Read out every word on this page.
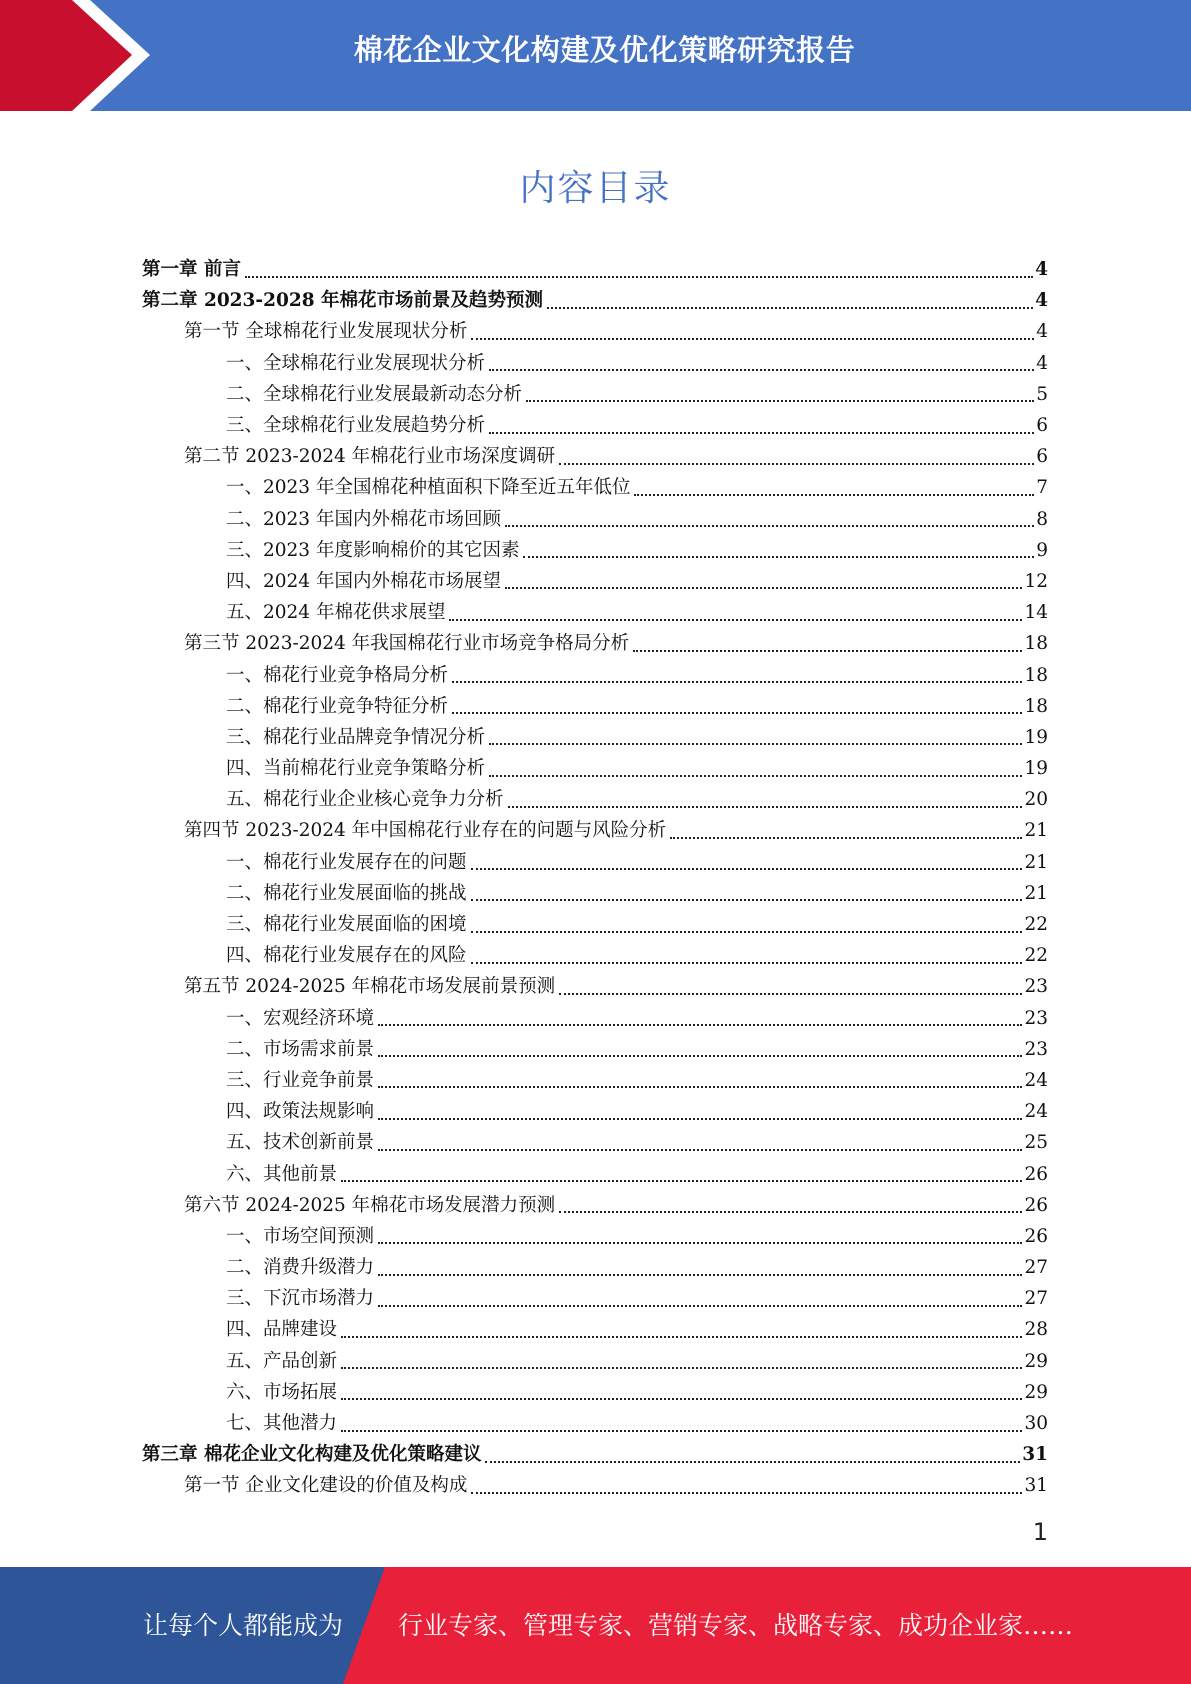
棉花企业文化构建及优化策略研究报告
内容目录
第一章 前言	4
第二章 2023-2028 年棉花市场前景及趋势预测	4
第一节 全球棉花行业发展现状分析	4
一、全球棉花行业发展现状分析	4
二、全球棉花行业发展最新动态分析	5
三、全球棉花行业发展趋势分析	6
第二节 2023-2024 年棉花行业市场深度调研	6
一、2023 年全国棉花种植面积下降至近五年低位	7
二、2023 年国内外棉花市场回顾	8
三、2023 年度影响棉价的其它因素	9
四、2024 年国内外棉花市场展望	12
五、2024 年棉花供求展望	14
第三节 2023-2024 年我国棉花行业市场竞争格局分析	18
一、棉花行业竞争格局分析	18
二、棉花行业竞争特征分析	18
三、棉花行业品牌竞争情况分析	19
四、当前棉花行业竞争策略分析	19
五、棉花行业企业核心竞争力分析	20
第四节 2023-2024 年中国棉花行业存在的问题与风险分析	21
一、棉花行业发展存在的问题	21
二、棉花行业发展面临的挑战	21
三、棉花行业发展面临的困境	22
四、棉花行业发展存在的风险	22
第五节 2024-2025 年棉花市场发展前景预测	23
一、宏观经济环境	23
二、市场需求前景	23
三、行业竞争前景	24
四、政策法规影响	24
五、技术创新前景	25
六、其他前景	26
第六节 2024-2025 年棉花市场发展潜力预测	26
一、市场空间预测	26
二、消费升级潜力	27
三、下沉市场潜力	27
四、品牌建设	28
五、产品创新	29
六、市场拓展	29
七、其他潜力	30
第三章 棉花企业文化构建及优化策略建议	31
第一节 企业文化建设的价值及构成	31
1
让每个人都能成为 行业专家、管理专家、营销专家、战略专家、成功企业家……
